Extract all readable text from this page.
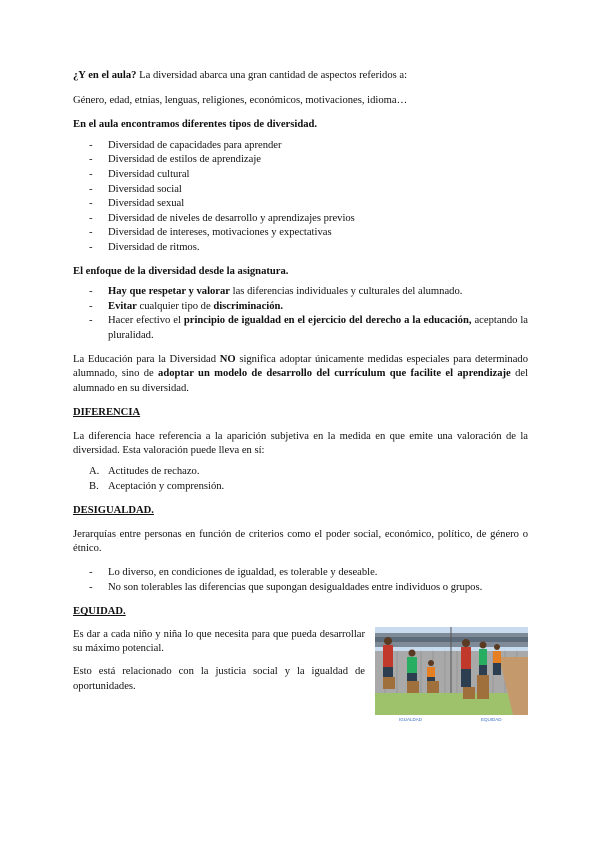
¿Y en el aula? La diversidad abarca una gran cantidad de aspectos referidos a:

Género, edad, etnias, lenguas, religiones, económicos, motivaciones, idioma…

En el aula encontramos diferentes tipos de diversidad.

- Diversidad de capacidades para aprender
- Diversidad de estilos de aprendizaje
- Diversidad cultural
- Diversidad social
- Diversidad sexual
- Diversidad de niveles de desarrollo y aprendizajes previos
- Diversidad de intereses, motivaciones y expectativas
- Diversidad de ritmos.

El enfoque de la diversidad desde la asignatura.

- Hay que respetar y valorar las diferencias individuales y culturales del alumnado.
- Evitar cualquier tipo de discriminación.
- Hacer efectivo el principio de igualdad en el ejercicio del derecho a la educación, aceptando la pluralidad.

La Educación para la Diversidad NO significa adoptar únicamente medidas especiales para determinado alumnado, sino de adoptar un modelo de desarrollo del currículum que facilite el aprendizaje del alumnado en su diversidad.

DIFERENCIA

La diferencia hace referencia a la aparición subjetiva en la medida en que emite una valoración de la diversidad. Esta valoración puede lleva en sí:

A. Actitudes de rechazo.
B. Aceptación y comprensión.

DESIGUALDAD.

Jerarquías entre personas en función de criterios como el poder social, económico, político, de género o étnico.

- Lo diverso, en condiciones de igualdad, es tolerable y deseable.
- No son tolerables las diferencias que supongan desigualdades entre individuos o grupos.

EQUIDAD.

Es dar a cada niño y niña lo que necesita para que pueda desarrollar su máximo potencial.

Esto está relacionado con la justicia social y la igualdad de oportunidades.

IGUALDAD	EQUIDAD
